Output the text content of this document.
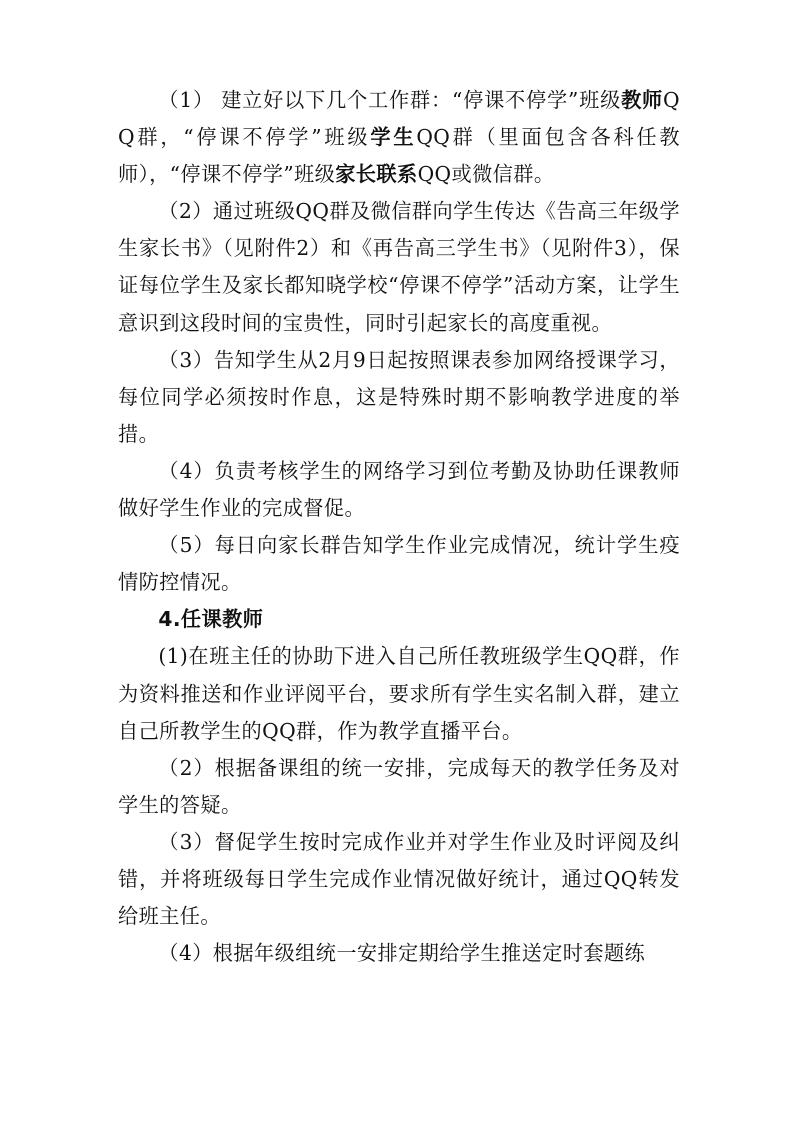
（1） 建立好以下几个工作群：“停课不停学”班级教师QQ群，“停课不停学”班级学生QQ群（里面包含各科任教师），“停课不停学”班级家长联系QQ或微信群。

（2）通过班级QQ群及微信群向学生传达《告高三年级学生家长书》（见附件2）和《再告高三学生书》（见附件3），保证每位学生及家长都知晓学校“停课不停学”活动方案，让学生意识到这段时间的宝贵性，同时引起家长的高度重视。

（3）告知学生从2月9日起按照课表参加网络授课学习，每位同学必须按时作息，这是特殊时期不影响教学进度的举措。

（4）负责考核学生的网络学习到位考勤及协助任课教师做好学生作业的完成督促。

（5）每日向家长群告知学生作业完成情况，统计学生疫情防控情况。

4.任课教师

(1)在班主任的协助下进入自己所任教班级学生QQ群，作为资料推送和作业评阅平台，要求所有学生实名制入群，建立自己所教学生的QQ群，作为教学直播平台。

（2）根据备课组的统一安排，完成每天的教学任务及对学生的答疑。

（3）督促学生按时完成作业并对学生作业及时评阅及纠错，并将班级每日学生完成作业情况做好统计，通过QQ转发给班主任。

（4）根据年级组统一安排定期给学生推送定时套题练
